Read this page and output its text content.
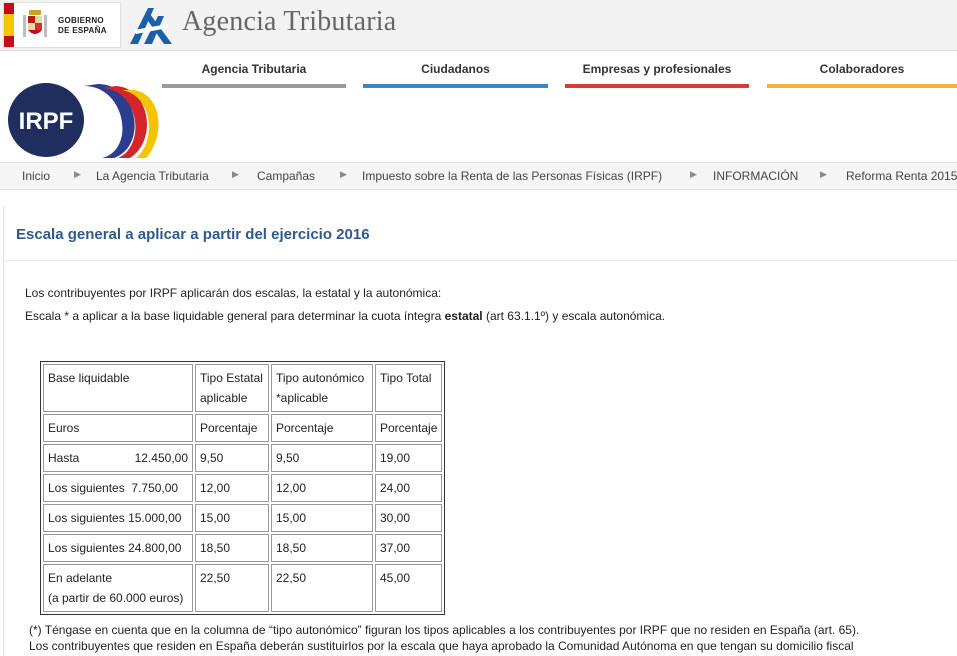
GOBIERNO
DE ESPAÑA	Agencia Tributaria
Agencia Tributaria	Ciudadanos	Empresas y profesionales	Colaboradores
IRPF
Inicio	▶ La Agencia Tributaria	▶ Campañas	▶ Impuesto sobre la Renta de las Personas Físicas (IRPF)	▶ INFORMACIÓN ▶ Reforma Renta 2015
Escala general a aplicar a partir del ejercicio 2016

Los contribuyentes por IRPF aplicarán dos escalas, la estatal y la autonómica:

Escala * a aplicar a la base liquidable general para determinar la cuota íntegra estatal (art 63.1.1º) y escala autonómica.

Base liquidable	Tipo Estatal aplicable	Tipo autonómico *aplicable	Tipo Total
Euros	Porcentaje	Porcentaje	Porcentaje

Hasta 12.450,00	9,50	9,50	19,00
Los siguientes 7.750,00	12,00	12,00	24,00
Los siguientes 15.000,00	15,00	15,00	30,00
Los siguientes 24.800,00	18,50	18,50	37,00

En adelante
(a partir de 60.000 euros)	22,50	22,50	45,00
(*) Téngase en cuenta que en la columna de “tipo autonómico” figuran los tipos aplicables a los contribuyentes por IRPF que no residen en España (art. 65).
Los contribuyentes que residen en España deberán sustituirlos por la escala que haya aprobado la Comunidad Autónoma en que tengan su domicilio fiscal
